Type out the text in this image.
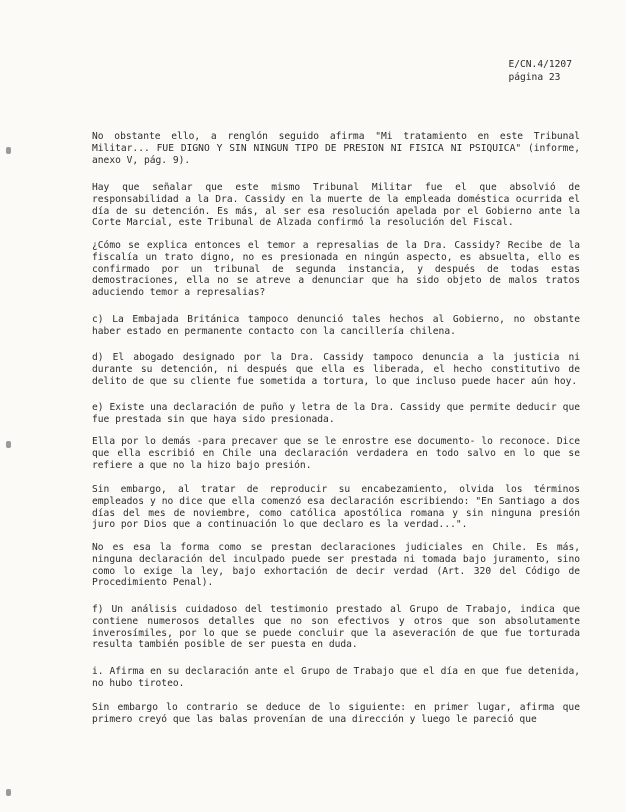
E/CN.4/1207
página 23

No obstante ello, a renglón seguido afirma "Mi tratamiento en este Tribunal Militar... FUE DIGNO Y SIN NINGUN TIPO DE PRESION NI FISICA NI PSIQUICA" (informe, anexo V, pág. 9).

Hay que señalar que este mismo Tribunal Militar fue el que absolvió de responsabilidad a la Dra. Cassidy en la muerte de la empleada doméstica ocurrida el día de su detención. Es más, al ser esa resolución apelada por el Gobierno ante la Corte Marcial, este Tribunal de Alzada confirmó la resolución del Fiscal.

¿Cómo se explica entonces el temor a represalias de la Dra. Cassidy? Recibe de la fiscalía un trato digno, no es presionada en ningún aspecto, es absuelta, ello es confirmado por un tribunal de segunda instancia, y después de todas estas demostraciones, ella no se atreve a denunciar que ha sido objeto de malos tratos aduciendo temor a represalias?

c) La Embajada Británica tampoco denunció tales hechos al Gobierno, no obstante haber estado en permanente contacto con la cancillería chilena.

d) El abogado designado por la Dra. Cassidy tampoco denuncia a la justicia ni durante su detención, ni después que ella es liberada, el hecho constitutivo de delito de que su cliente fue sometida a tortura, lo que incluso puede hacer aún hoy.

e) Existe una declaración de puño y letra de la Dra. Cassidy que permite deducir que fue prestada sin que haya sido presionada.

Ella por lo demás -para precaver que se le enrostre ese documento- lo reconoce. Dice que ella escribió en Chile una declaración verdadera en todo salvo en lo que se refiere a que no la hizo bajo presión.

Sin embargo, al tratar de reproducir su encabezamiento, olvida los términos empleados y no dice que ella comenzó esa declaración escribiendo: "En Santiago a dos días del mes de noviembre, como católica apostólica romana y sin ninguna presión juro por Dios que a continuación lo que declaro es la verdad...".

No es esa la forma como se prestan declaraciones judiciales en Chile. Es más, ninguna declaración del inculpado puede ser prestada ni tomada bajo juramento, sino como lo exige la ley, bajo exhortación de decir verdad (Art. 320 del Código de Procedimiento Penal).

f) Un análisis cuidadoso del testimonio prestado al Grupo de Trabajo, indica que contiene numerosos detalles que no son efectivos y otros que son absolutamente inverosímiles, por lo que se puede concluir que la aseveración de que fue torturada resulta también posible de ser puesta en duda.

i. Afirma en su declaración ante el Grupo de Trabajo que el día en que fue detenida, no hubo tiroteo.

Sin embargo lo contrario se deduce de lo siguiente: en primer lugar, afirma que primero creyó que las balas provenían de una dirección y luego le pareció que
